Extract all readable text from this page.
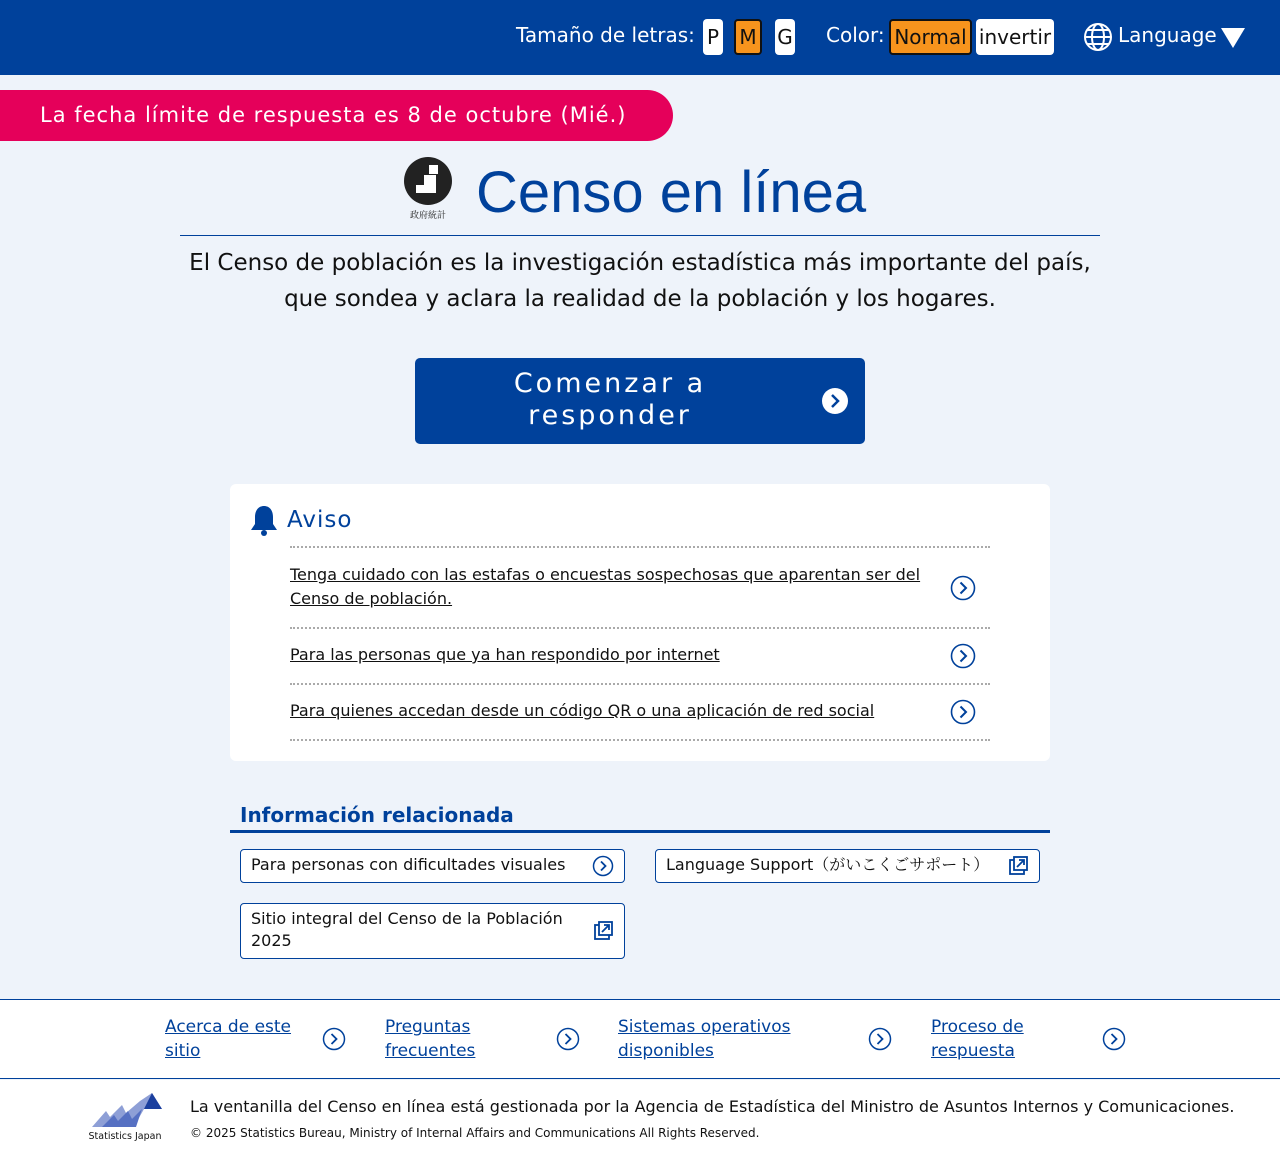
Tamaño de letras: P M G Color: Normal invertir	Language
La fecha límite de respuesta es 8 de octubre (Mié.)
政府統計 Censo en línea
El Censo de población es la investigación estadística más importante del país,
que sondea y aclara la realidad de la población y los hogares.
Comenzar a
responder
Aviso
Tenga cuidado con las estafas o encuestas sospechosas que aparentan ser del
Censo de población.
Para las personas que ya han respondido por internet
Para quienes accedan desde un código QR o una aplicación de red social
Información relacionada
Para personas con dificultades visuales	Language Support（がいこくごサポート）
Sitio integral del Censo de la Población
2025
Acerca de este
sitio
Preguntas
frecuentes
Sistemas operativos
disponibles
Proceso de
respuesta
Statistics Japan
La ventanilla del Censo en línea está gestionada por la Agencia de Estadística del Ministro de Asuntos Internos y Comunicaciones.
© 2025 Statistics Bureau, Ministry of Internal Affairs and Communications All Rights Reserved.
